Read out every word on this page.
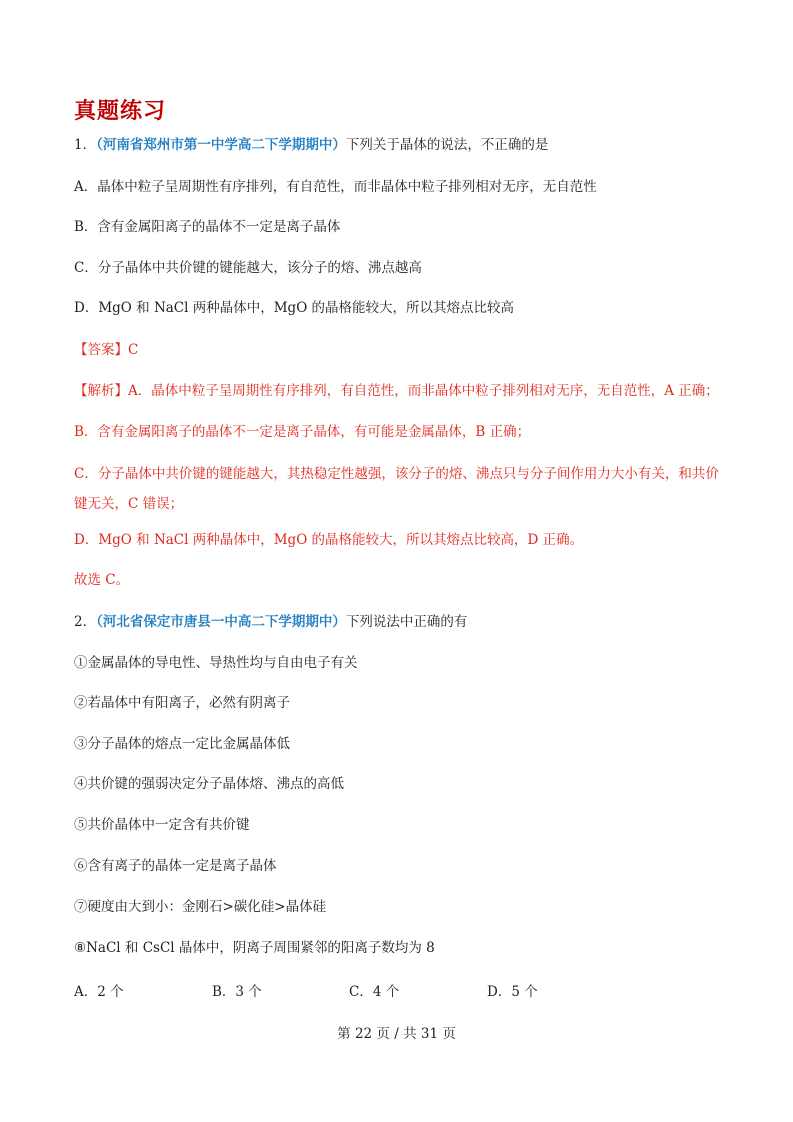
真题练习
1．（河南省郑州市第一中学高二下学期期中）下列关于晶体的说法，不正确的是
A．晶体中粒子呈周期性有序排列，有自范性，而非晶体中粒子排列相对无序，无自范性
B．含有金属阳离子的晶体不一定是离子晶体
C．分子晶体中共价键的键能越大，该分子的熔、沸点越高
D．MgO 和 NaCl 两种晶体中，MgO 的晶格能较大，所以其熔点比较高
【答案】C
【解析】A．晶体中粒子呈周期性有序排列，有自范性，而非晶体中粒子排列相对无序，无自范性，A 正确；
B．含有金属阳离子的晶体不一定是离子晶体，有可能是金属晶体，B 正确；
C．分子晶体中共价键的键能越大，其热稳定性越强，该分子的熔、沸点只与分子间作用力大小有关，和共价键无关，C 错误；
D．MgO 和 NaCl 两种晶体中，MgO 的晶格能较大，所以其熔点比较高，D 正确。
故选 C。
2．（河北省保定市唐县一中高二下学期期中）下列说法中正确的有
①金属晶体的导电性、导热性均与自由电子有关
②若晶体中有阳离子，必然有阴离子
③分子晶体的熔点一定比金属晶体低
④共价键的强弱决定分子晶体熔、沸点的高低
⑤共价晶体中一定含有共价键
⑥含有离子的晶体一定是离子晶体
⑦硬度由大到小：金刚石>碳化硅>晶体硅
⑧NaCl 和 CsCl 晶体中，阴离子周围紧邻的阳离子数均为 8
A．2 个	B．3 个	C．4 个	D．5 个
第 22 页 / 共 31 页
